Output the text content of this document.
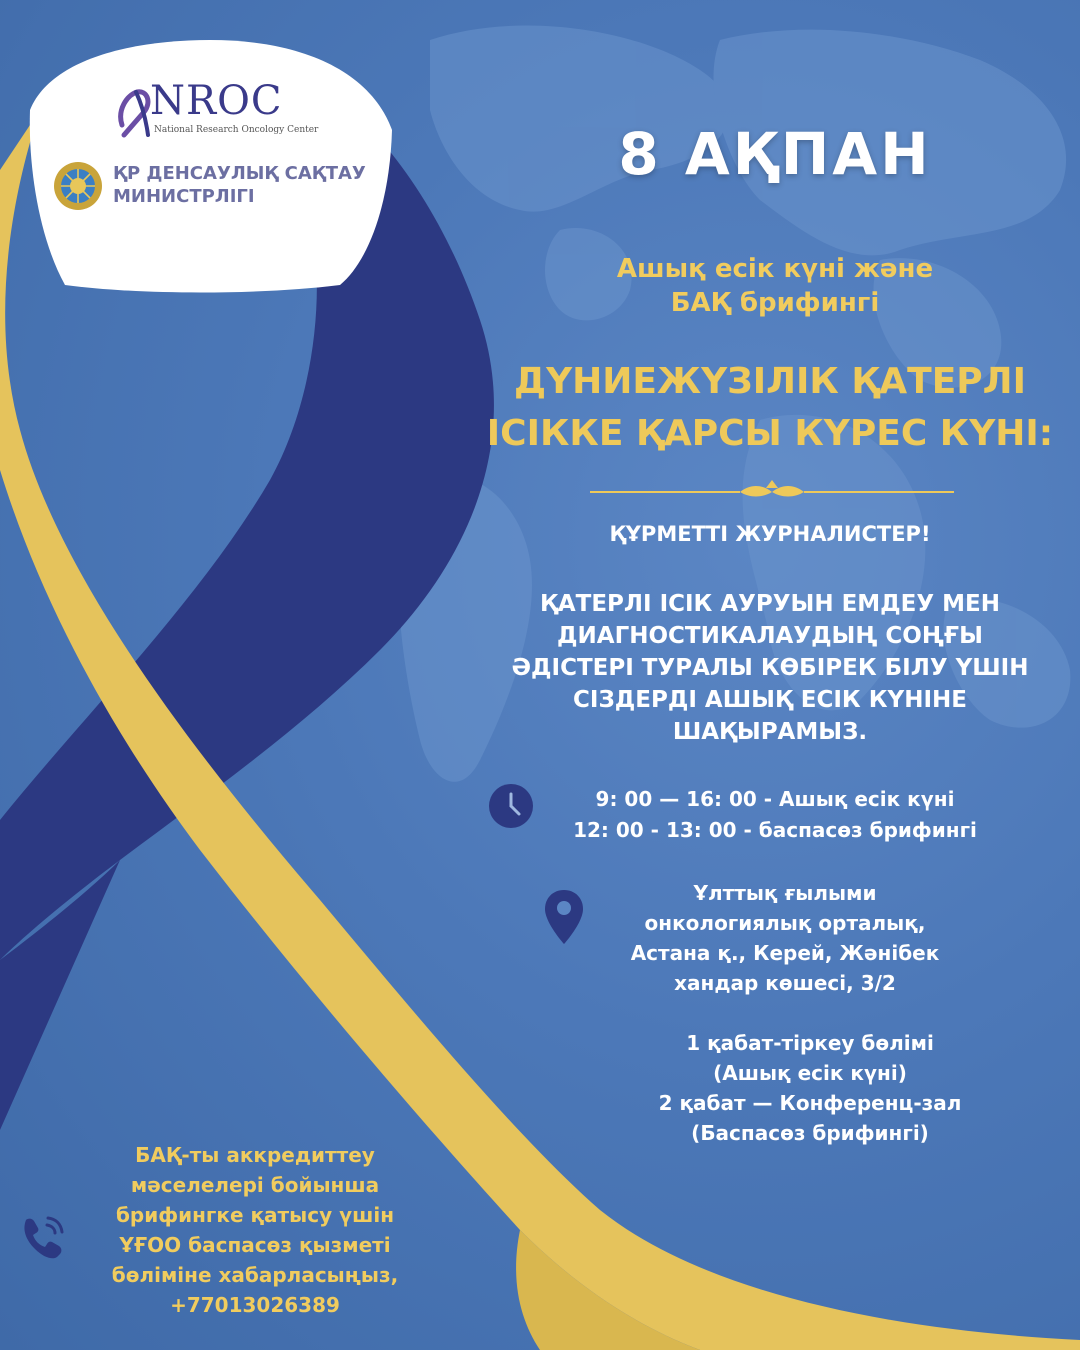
NROC
National Research Oncology Center
ҚР ДЕНСАУЛЫҚ САҚТАУ
МИНИСТРЛІГІ
8 АҚПАН
Ашық есік күні және
БАҚ брифингі
ДҮНИЕЖҮЗІЛІК ҚАТЕРЛІ
ІСІККЕ ҚАРСЫ КҮРЕС КҮНІ:
ҚҰРМЕТТІ ЖУРНАЛИСТЕР!
ҚАТЕРЛІ ІСІК АУРУЫН ЕМДЕУ МЕН
ДИАГНОСТИКАЛАУДЫҢ СОҢҒЫ
ӘДІСТЕРІ ТУРАЛЫ КӨБІРЕК БІЛУ ҮШІН
СІЗДЕРДІ АШЫҚ ЕСІК КҮНІНЕ
ШАҚЫРАМЫЗ.
9: 00 — 16: 00 - Ашық есік күні
12: 00 - 13: 00 - баспасөз брифингі
Ұлттық ғылыми
онкологиялық орталық,
Астана қ., Керей, Жәнібек
хандар көшесі, 3/2
1 қабат-тіркеу бөлімі
(Ашық есік күні)
2 қабат — Конференц-зал
(Баспасөз брифингі)
БАҚ-ты аккредиттеу
мәселелері бойынша
брифингке қатысу үшін
ҰҒОО баспасөз қызметі
бөліміне хабарласыңыз,
+77013026389
